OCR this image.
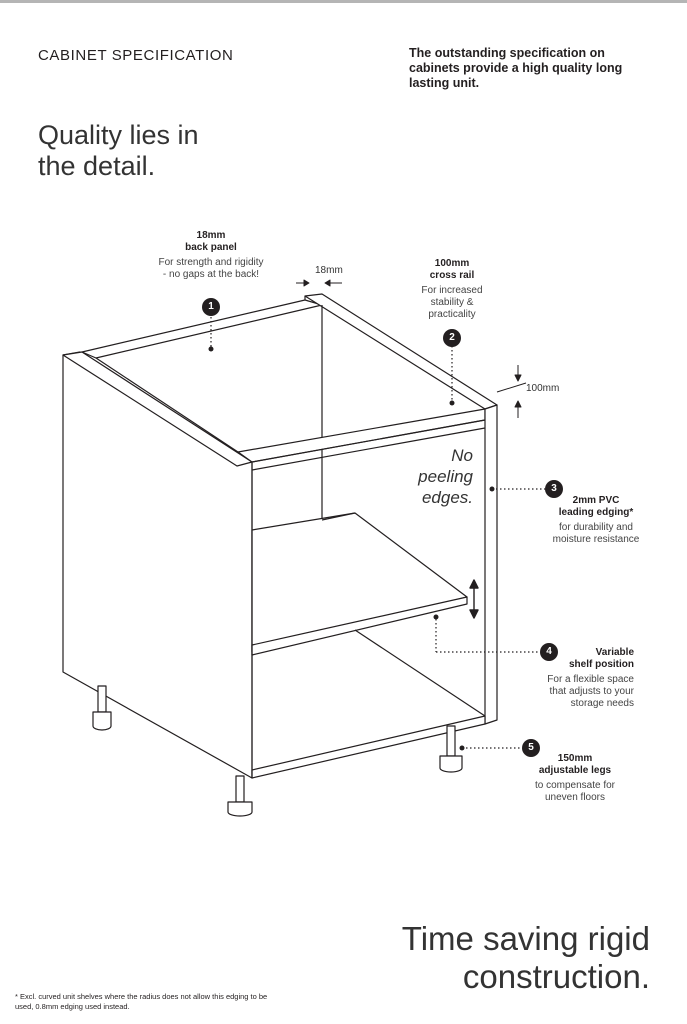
CABINET SPECIFICATION	The outstanding specification on cabinets provide a high quality long lasting unit.
Quality lies in
the detail.
18mm
back panel
For strength and rigidity - no gaps at the back!
1
18mm
100mm
cross rail
For increased stability & practicality
2
100mm
No
peeling
edges.	3
2mm PVC
leading edging*
for durability and moisture resistance
4	Variable
shelf position
For a flexible space that adjusts to your storage needs
5
150mm
adjustable legs
to compensate for uneven floors
Time saving rigid
construction.
* Excl. curved unit shelves where the radius does not allow this edging to be used, 0.8mm edging used instead.
